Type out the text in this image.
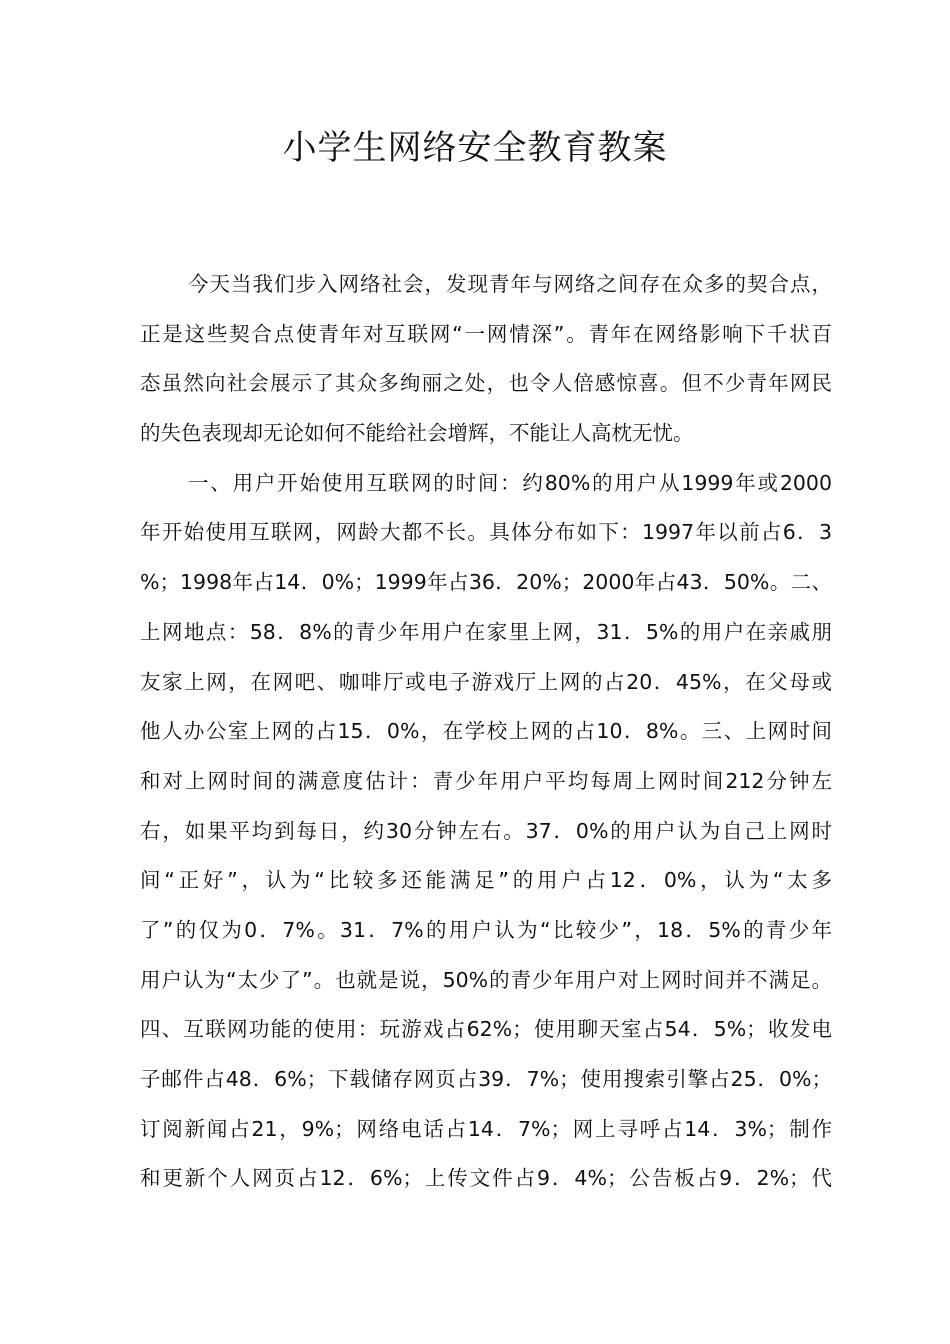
小学生网络安全教育教案
今天当我们步入网络社会，发现青年与网络之间存在众多的契合点，
正是这些契合点使青年对互联网“一网情深”。青年在网络影响下千状百
态虽然向社会展示了其众多绚丽之处，也令人倍感惊喜。但不少青年网民
的失色表现却无论如何不能给社会增辉，不能让人高枕无忧。
一、用户开始使用互联网的时间：约80%的用户从1999年或2000
年开始使用互联网，网龄大都不长。具体分布如下：1997年以前占6．3
%；1998年占14．0%；1999年占36．20%；2000年占43．50%。二、
上网地点：58．8%的青少年用户在家里上网，31．5%的用户在亲戚朋
友家上网，在网吧、咖啡厅或电子游戏厅上网的占20．45%，在父母或
他人办公室上网的占15．0%，在学校上网的占10．8%。三、上网时间
和对上网时间的满意度估计：青少年用户平均每周上网时间212分钟左
右，如果平均到每日，约30分钟左右。37．0%的用户认为自己上网时
间“正好”，认为“比较多还能满足”的用户占12．0%，认为“太多
了”的仅为0．7%。31．7%的用户认为“比较少”，18．5%的青少年
用户认为“太少了”。也就是说，50%的青少年用户对上网时间并不满足。
四、互联网功能的使用：玩游戏占62%；使用聊天室占54．5%；收发电
子邮件占48．6%；下载储存网页占39．7%；使用搜索引擎占25．0%；
订阅新闻占21，9%；网络电话占14．7%；网上寻呼占14．3%；制作
和更新个人网页占12．6%；上传文件占9．4%；公告板占9．2%；代
